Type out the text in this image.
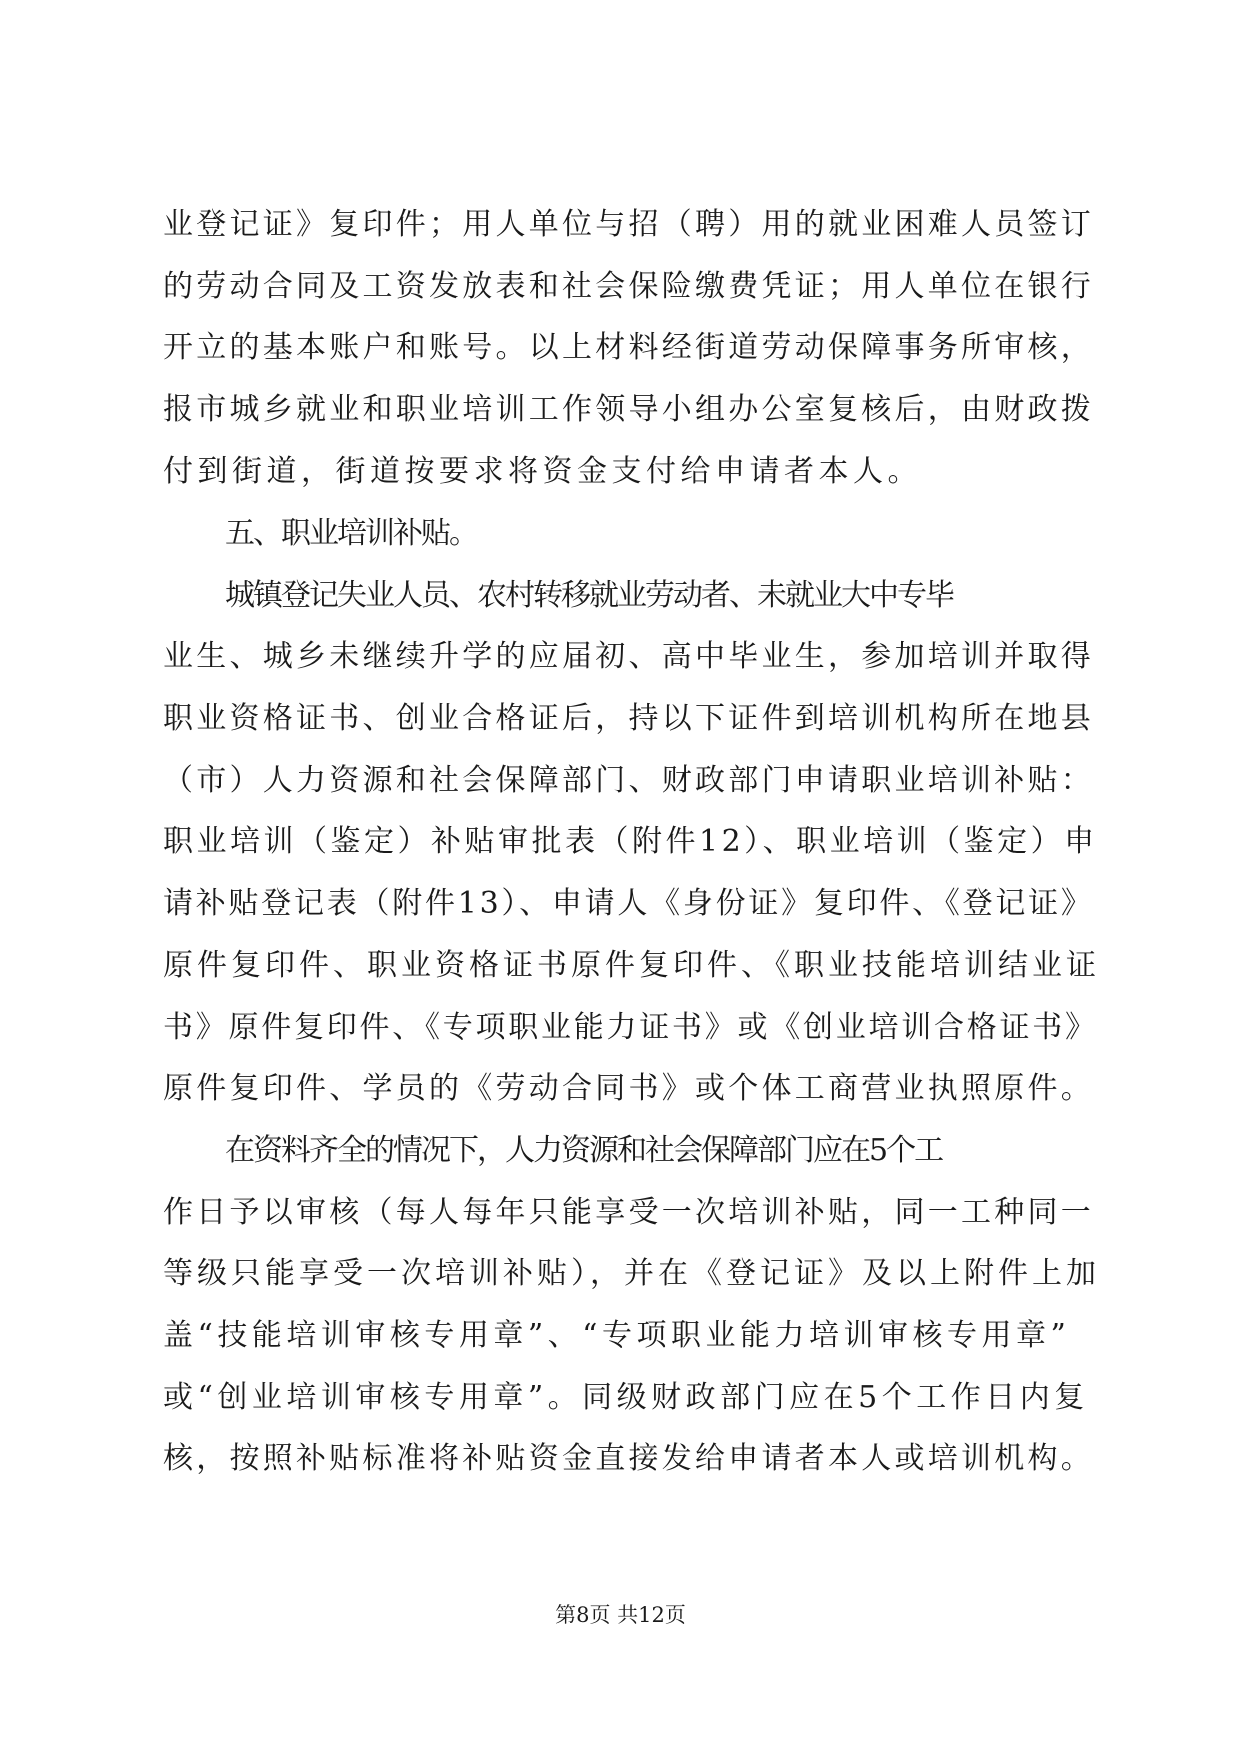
业登记证》复印件；用人单位与招（聘）用的就业困难人员签订
的劳动合同及工资发放表和社会保险缴费凭证；用人单位在银行
开立的基本账户和账号。以上材料经街道劳动保障事务所审核，
报市城乡就业和职业培训工作领导小组办公室复核后，由财政拨
付到街道，街道按要求将资金支付给申请者本人。
五、职业培训补贴。
城镇登记失业人员、农村转移就业劳动者、未就业大中专毕
业生、城乡未继续升学的应届初、高中毕业生，参加培训并取得
职业资格证书、创业合格证后，持以下证件到培训机构所在地县
（市）人力资源和社会保障部门、财政部门申请职业培训补贴：
职业培训（鉴定）补贴审批表（附件12）、职业培训（鉴定）申
请补贴登记表（附件13）、申请人《身份证》复印件、《登记证》
原件复印件、职业资格证书原件复印件、《职业技能培训结业证
书》原件复印件、《专项职业能力证书》或《创业培训合格证书》
原件复印件、学员的《劳动合同书》或个体工商营业执照原件。
在资料齐全的情况下，人力资源和社会保障部门应在5个工
作日予以审核（每人每年只能享受一次培训补贴，同一工种同一
等级只能享受一次培训补贴），并在《登记证》及以上附件上加
盖“技能培训审核专用章”、“专项职业能力培训审核专用章”
或“创业培训审核专用章”。同级财政部门应在5个工作日内复
核，按照补贴标准将补贴资金直接发给申请者本人或培训机构。
第8页 共12页
